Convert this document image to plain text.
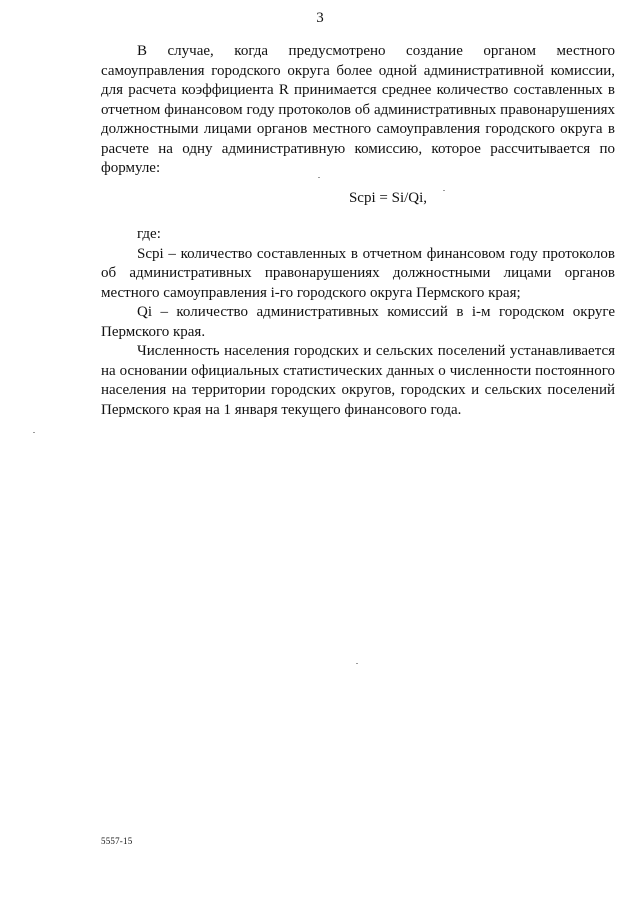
3

В случае, когда предусмотрено создание органом местного самоуправления городского округа более одной административной комиссии, для расчета коэффициента R принимается среднее количество составленных в отчетном финансовом году протоколов об административных правонарушениях должностными лицами органов местного самоуправления городского округа в расчете на одну административную комиссию, которое рассчитывается по формуле:

Scpi = Si/Qi,

где:

Scpi – количество составленных в отчетном финансовом году протоколов об административных правонарушениях должностными лицами органов местного самоуправления i-го городского округа Пермского края;

Qi – количество административных комиссий в i-м городском округе Пермского края.

Численность населения городских и сельских поселений устанавливается на основании официальных статистических данных о численности постоянного населения на территории городских округов, городских и сельских поселений Пермского края на 1 января текущего финансового года.

5557-15
